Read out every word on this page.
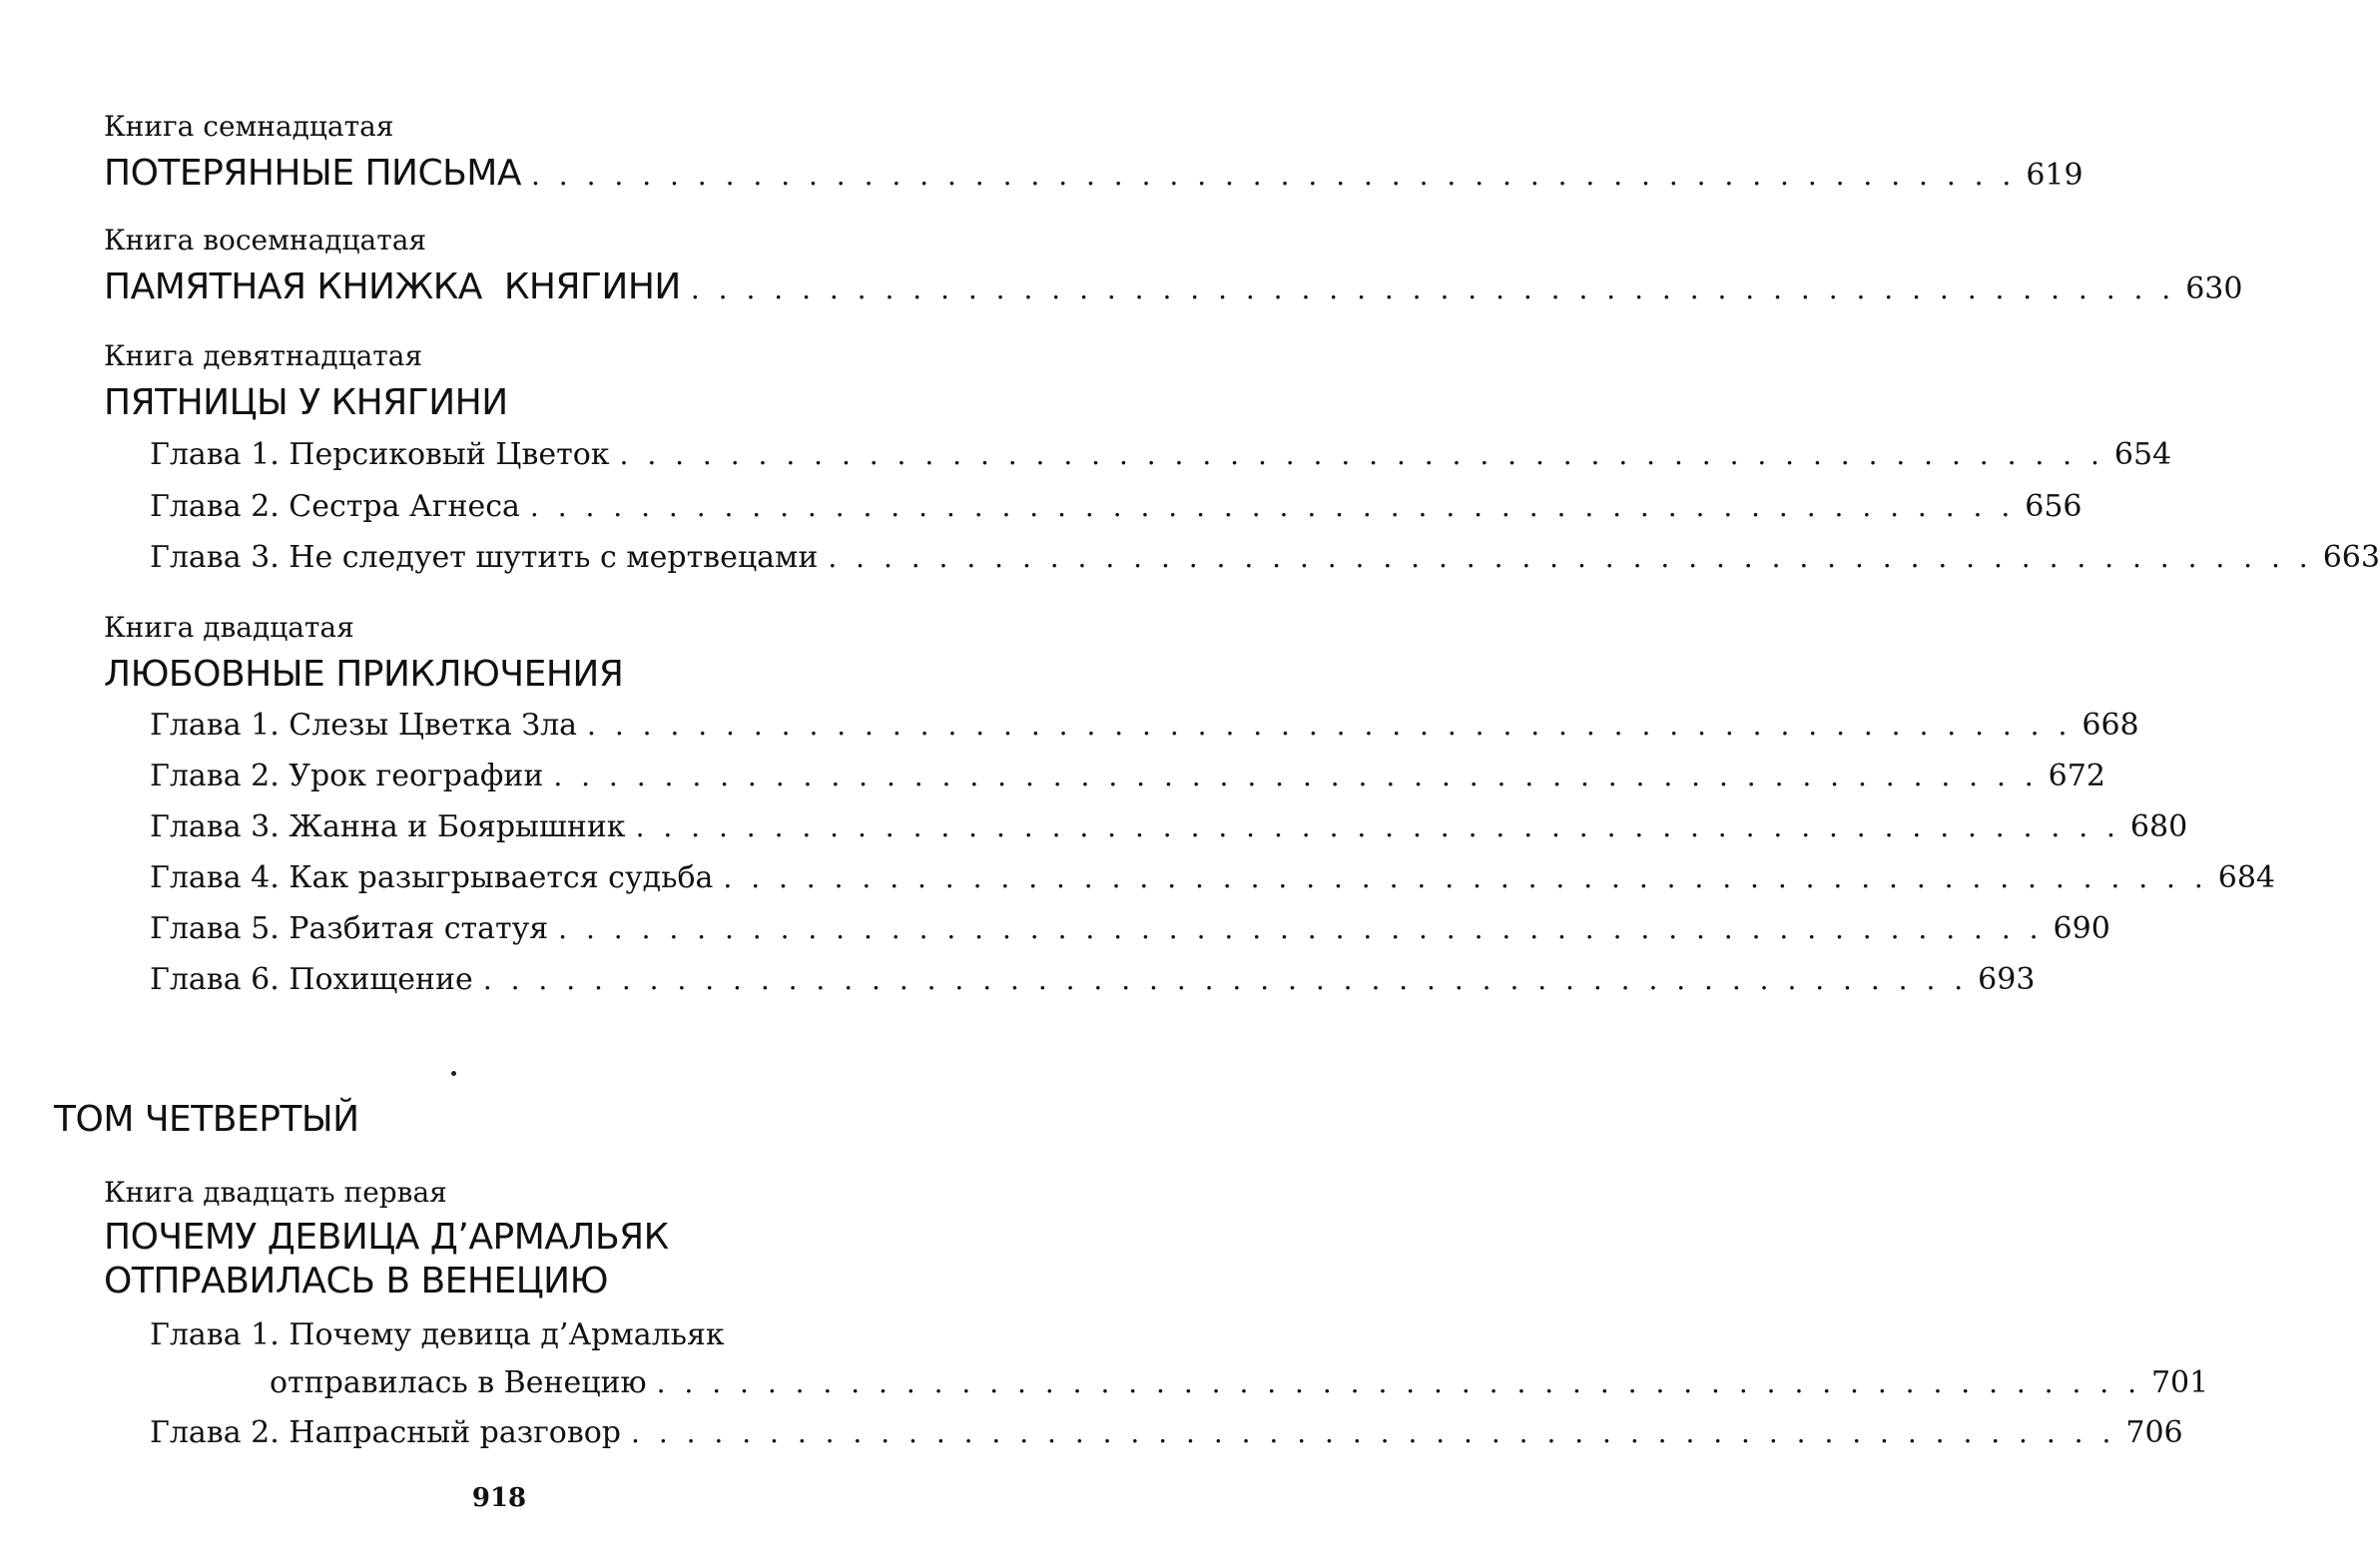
Книга семнадцатая
ПОТЕРЯННЫЕ ПИСЬМА . . . . . . . . . . . . . . . . . . . . . . . . . . . . . . . . . . . . . . . . . . . . . . . . . . . . . . 619
Книга восемнадцатая
ПАМЯТНАЯ КНИЖКА  КНЯГИНИ . . . . . . . . . . . . . . . . . . . . . . . . . . . . . . . . . . . . . . . . . . . . . . . . . . . . . . 630
Книга девятнадцатая
ПЯТНИЦЫ У КНЯГИНИ
Глава 1. Персиковый Цветок . . . . . . . . . . . . . . . . . . . . . . . . . . . . . . . . . . . . . . . . . . . . . . . . . . . . . . 654
Глава 2. Сестра Агнеса . . . . . . . . . . . . . . . . . . . . . . . . . . . . . . . . . . . . . . . . . . . . . . . . . . . . . . 656
Глава 3. Не следует шутить с мертвецами . . . . . . . . . . . . . . . . . . . . . . . . . . . . . . . . . . . . . . . . . . . . . . . . . . . . . . 663
Книга двадцатая
ЛЮБОВНЫЕ ПРИКЛЮЧЕНИЯ
Глава 1. Слезы Цветка Зла . . . . . . . . . . . . . . . . . . . . . . . . . . . . . . . . . . . . . . . . . . . . . . . . . . . . . . 668
Глава 2. Урок географии . . . . . . . . . . . . . . . . . . . . . . . . . . . . . . . . . . . . . . . . . . . . . . . . . . . . . . 672
Глава 3. Жанна и Боярышник . . . . . . . . . . . . . . . . . . . . . . . . . . . . . . . . . . . . . . . . . . . . . . . . . . . . . . 680
Глава 4. Как разыгрывается судьба . . . . . . . . . . . . . . . . . . . . . . . . . . . . . . . . . . . . . . . . . . . . . . . . . . . . . . 684
Глава 5. Разбитая статуя . . . . . . . . . . . . . . . . . . . . . . . . . . . . . . . . . . . . . . . . . . . . . . . . . . . . . . 690
Глава 6. Похищение . . . . . . . . . . . . . . . . . . . . . . . . . . . . . . . . . . . . . . . . . . . . . . . . . . . . . . 693
ТОМ ЧЕТВЕРТЫЙ
Книга двадцать первая
ПОЧЕМУ ДЕВИЦА Д’АРМАЛЬЯК
ОТПРАВИЛАСЬ В ВЕНЕЦИЮ
Глава 1. Почему девица д’Армальяк
отправилась в Венецию . . . . . . . . . . . . . . . . . . . . . . . . . . . . . . . . . . . . . . . . . . . . . . . . . . . . . . 701
Глава 2. Напрасный разговор . . . . . . . . . . . . . . . . . . . . . . . . . . . . . . . . . . . . . . . . . . . . . . . . . . . . . . 706
918
